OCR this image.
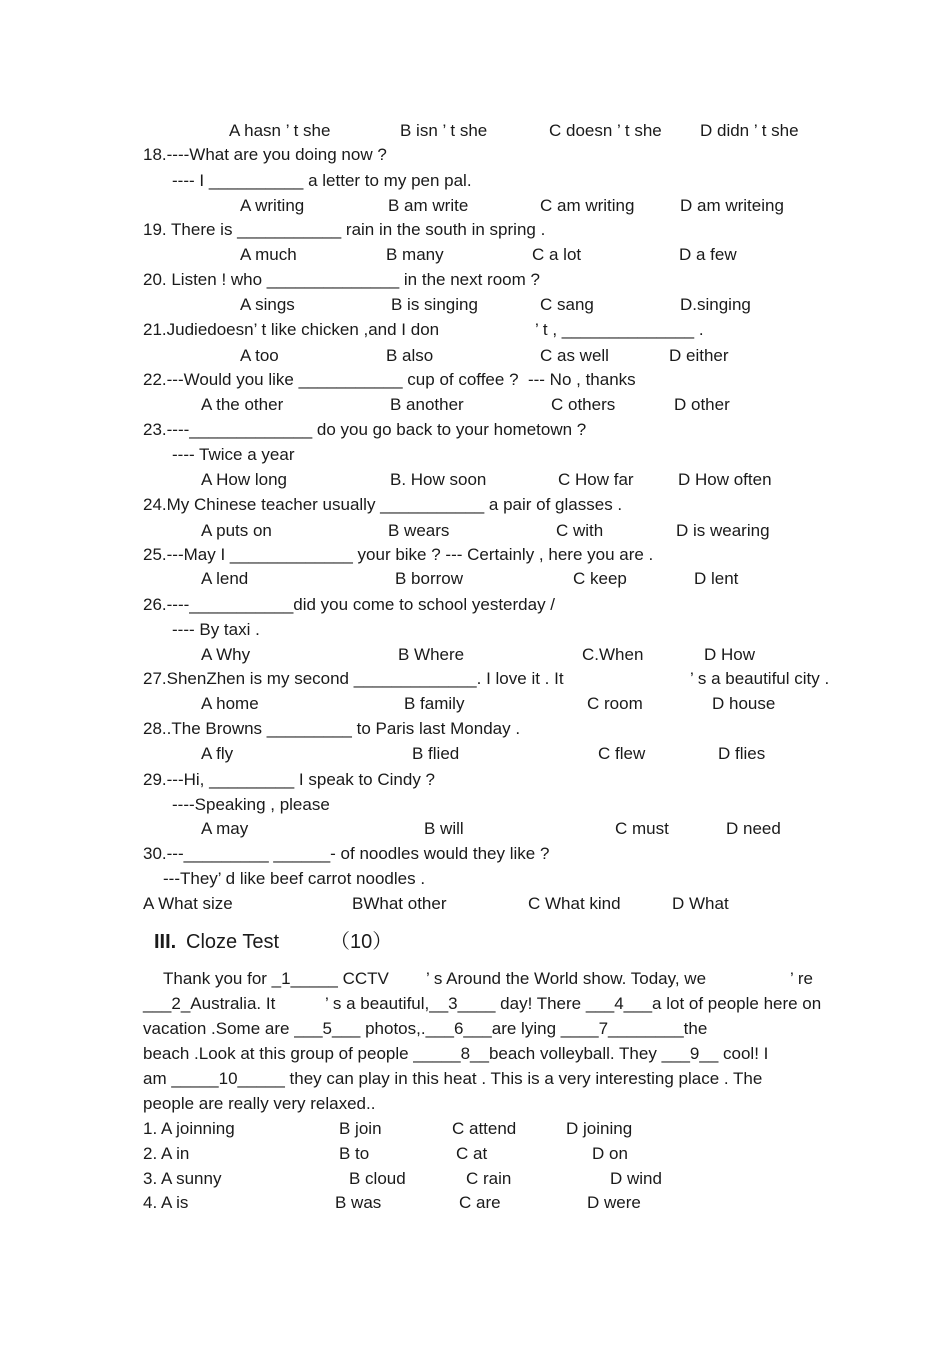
A hasn ’ t she	B isn ’ t she	C doesn ’ t she D didn ’ t she
18.----What are you doing now ?
---- I __________ a letter to my pen pal.
A writing	B am write	C am writing	D am writeing
19. There is ___________ rain in the south in spring .
A much	B many	C a lot	D a few
20. Listen ! who ______________ in the next room ?
A sings	B is singing	C sang	D.singing
21.Judiedoesn’ t like chicken ,and I don	’ t , ______________ .
A too	B also	C as well	D either
22.---Would you like ___________ cup of coffee ?  --- No , thanks
A the other	B another	C others	D other
23.----_____________ do you go back to your hometown ?
---- Twice a year
A How long	B. How soon	C How far	D How often
24.My Chinese teacher usually ___________ a pair of glasses .
A puts on	B wears	C with	D is wearing
25.---May I _____________ your bike ? --- Certainly , here you are .
A lend	B borrow	C keep	D lent
26.----___________did you come to school yesterday /
---- By taxi .
A Why	B Where	C.When	D How
27.ShenZhen is my second _____________. I love it . It	’ s a beautiful city .
A home	B family	C room	D house
28..The Browns _________ to Paris last Monday .
A fly	B flied	C flew	D flies
29.---Hi, _________ I speak to Cindy ?
----Speaking , please
A may	B will	C must	D need
30.---_________ ______- of noodles would they like ?
---They’ d like beef carrot noodles .
A What size	BWhat other	C What kind	D What
III. Cloze Test	（10）
Thank you for _1_____ CCTV ’ s Around the World show. Today, we	’ re
___2_Australia. It	’ s a beautiful,__3____ day! There ___4___a lot of people here on
vacation .Some are ___5___ photos,.___6___are lying ____7________the
beach .Look at this group of people _____8__beach volleyball. They ___9__ cool! I
am _____10_____ they can play in this heat . This is a very interesting place . The
people are really very relaxed..
1. A joinning	B join	C attend	D joining
2. A in	B to	C at	D on
3. A sunny	B cloud	C rain	D wind
4. A is	B was	C are	D were
